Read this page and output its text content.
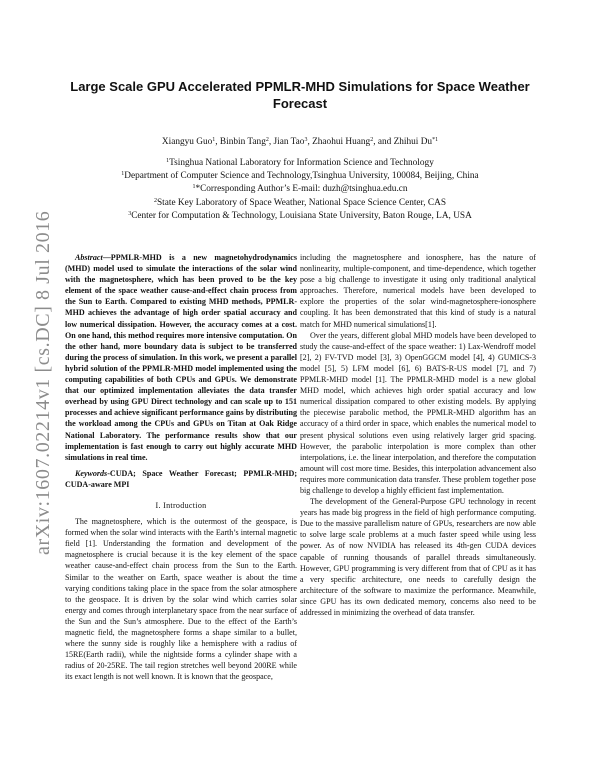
arXiv:1607.02214v1 [cs.DC] 8 Jul 2016
Large Scale GPU Accelerated PPMLR-MHD Simulations for Space Weather Forecast
Xiangyu Guo$^1$, Binbin Tang$^2$, Jian Tao$^3$, Zhaohui Huang$^2$, and Zhihui Du$^{*1}$
$^1$Tsinghua National Laboratory for Information Science and Technology
$^1$Department of Computer Science and Technology,Tsinghua University, 100084, Beijing, China
$^1$*Corresponding Author’s E-mail: duzh@tsinghua.edu.cn
$^2$State Key Laboratory of Space Weather, National Space Science Center, CAS
$^3$Center for Computation & Technology, Louisiana State University, Baton Rouge, LA, USA
Abstract—PPMLR-MHD is a new magnetohydrodynamics (MHD) model used to simulate the interactions of the solar wind with the magnetosphere, which has been proved to be the key element of the space weather cause-and-effect chain process from the Sun to Earth. Compared to existing MHD methods, PPMLR-MHD achieves the advantage of high order spatial accuracy and low numerical dissipation. However, the accuracy comes at a cost. On one hand, this method requires more intensive computation. On the other hand, more boundary data is subject to be transferred during the process of simulation. In this work, we present a parallel hybrid solution of the PPMLR-MHD model implemented using the computing capabilities of both CPUs and GPUs. We demonstrate that our optimized implementation alleviates the data transfer overhead by using GPU Direct technology and can scale up to 151 processes and achieve significant performance gains by distributing the workload among the CPUs and GPUs on Titan at Oak Ridge National Laboratory. The performance results show that our implementation is fast enough to carry out highly accurate MHD simulations in real time.
Keywords-CUDA; Space Weather Forecast; PPMLR-MHD; CUDA-aware MPI
I. Introduction

The magnetosphere, which is the outermost of the geospace, is formed when the solar wind interacts with the Earth’s internal magnetic field [1]. Understanding the formation and development of the magnetosphere is crucial because it is the key element of the space weather cause-and-effect chain process from the Sun to the Earth. Similar to the weather on Earth, space weather is about the time varying conditions taking place in the space from the solar atmosphere to the geospace. It is driven by the solar wind which carries solar energy and comes through interplanetary space from the near surface of the Sun and the Sun’s atmosphere. Due to the effect of the Earth’s magnetic field, the magnetosphere forms a shape similar to a bullet, where the sunny side is roughly like a hemisphere with a radius of 15RE(Earth radii), while the nightside forms a cylinder shape with a radius of 20-25RE. The tail region stretches well beyond 200RE while its exact length is not well known. It is known that the geospace,

including the magnetosphere and ionosphere, has the nature of nonlinearity, multiple-component, and time-dependence, which together pose a big challenge to investigate it using only traditional analytical approaches. Therefore, numerical models have been developed to explore the properties of the solar wind-magnetosphere-ionosphere coupling. It has been demonstrated that this kind of study is a natural match for MHD numerical simulations[1].

Over the years, different global MHD models have been developed to study the cause-and-effect of the space weather: 1) Lax-Wendroff model [2], 2) FV-TVD model [3], 3) OpenGGCM model [4], 4) GUMICS-3 model [5], 5) LFM model [6], 6) BATS-R-US model [7], and 7) PPMLR-MHD model [1]. The PPMLR-MHD model is a new global MHD model, which achieves high order spatial accuracy and low numerical dissipation compared to other existing models. By applying the piecewise parabolic method, the PPMLR-MHD algorithm has an accuracy of a third order in space, which enables the numerical model to present physical solutions even using relatively larger grid spacing. However, the parabolic interpolation is more complex than other interpolations, i.e. the linear interpolation, and therefore the computation amount will cost more time. Besides, this interpolation advancement also requires more communication data transfer. These problem together pose big challenge to develop a highly efficient fast implementation.

The development of the General-Purpose GPU technology in recent years has made big progress in the field of high performance computing. Due to the massive parallelism nature of GPUs, researchers are now able to solve large scale problems at a much faster speed while using less power. As of now NVIDIA has released its 4th-gen CUDA devices capable of running thousands of parallel threads simultaneously. However, GPU programming is very different from that of CPU as it has a very specific architecture, one needs to carefully design the architecture of the software to maximize the performance. Meanwhile, since GPU has its own dedicated memory, concerns also need to be addressed in minimizing the overhead of data transfer.
